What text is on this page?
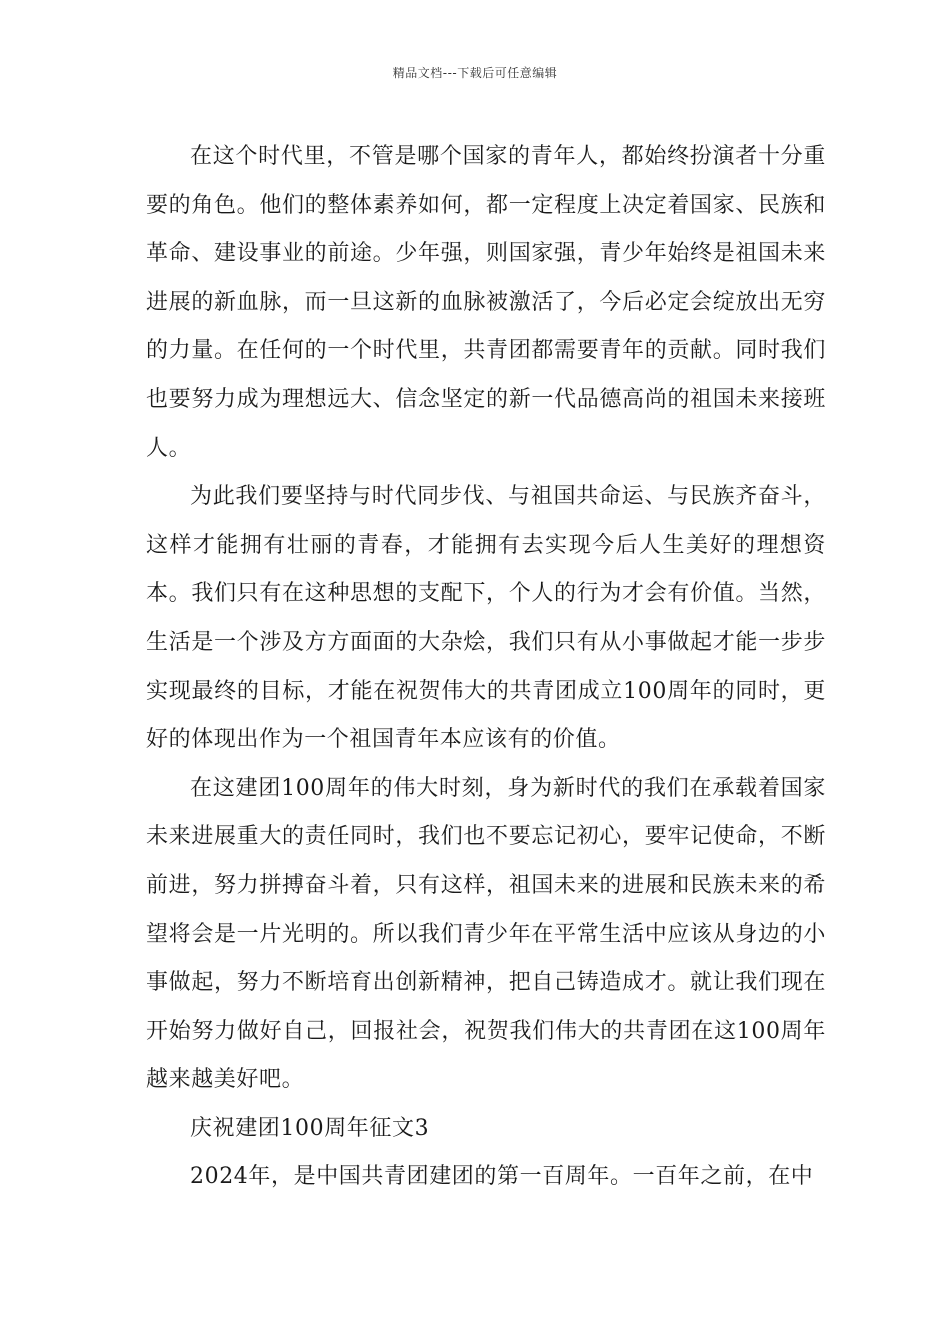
精品文档---下载后可任意编辑

在这个时代里，不管是哪个国家的青年人，都始终扮演者十分重要的角色。他们的整体素养如何，都一定程度上决定着国家、民族和革命、建设事业的前途。少年强，则国家强，青少年始终是祖国未来进展的新血脉，而一旦这新的血脉被激活了，今后必定会绽放出无穷的力量。在任何的一个时代里，共青团都需要青年的贡献。同时我们也要努力成为理想远大、信念坚定的新一代品德高尚的祖国未来接班人。

为此我们要坚持与时代同步伐、与祖国共命运、与民族齐奋斗，这样才能拥有壮丽的青春，才能拥有去实现今后人生美好的理想资本。我们只有在这种思想的支配下，个人的行为才会有价值。当然，生活是一个涉及方方面面的大杂烩，我们只有从小事做起才能一步步实现最终的目标，才能在祝贺伟大的共青团成立100周年的同时，更好的体现出作为一个祖国青年本应该有的价值。

在这建团100周年的伟大时刻，身为新时代的我们在承载着国家未来进展重大的责任同时，我们也不要忘记初心，要牢记使命，不断前进，努力拼搏奋斗着，只有这样，祖国未来的进展和民族未来的希望将会是一片光明的。所以我们青少年在平常生活中应该从身边的小事做起，努力不断培育出创新精神，把自己铸造成才。就让我们现在开始努力做好自己，回报社会，祝贺我们伟大的共青团在这100周年越来越美好吧。

庆祝建团100周年征文3

2024年，是中国共青团建团的第一百周年。一百年之前，在中
